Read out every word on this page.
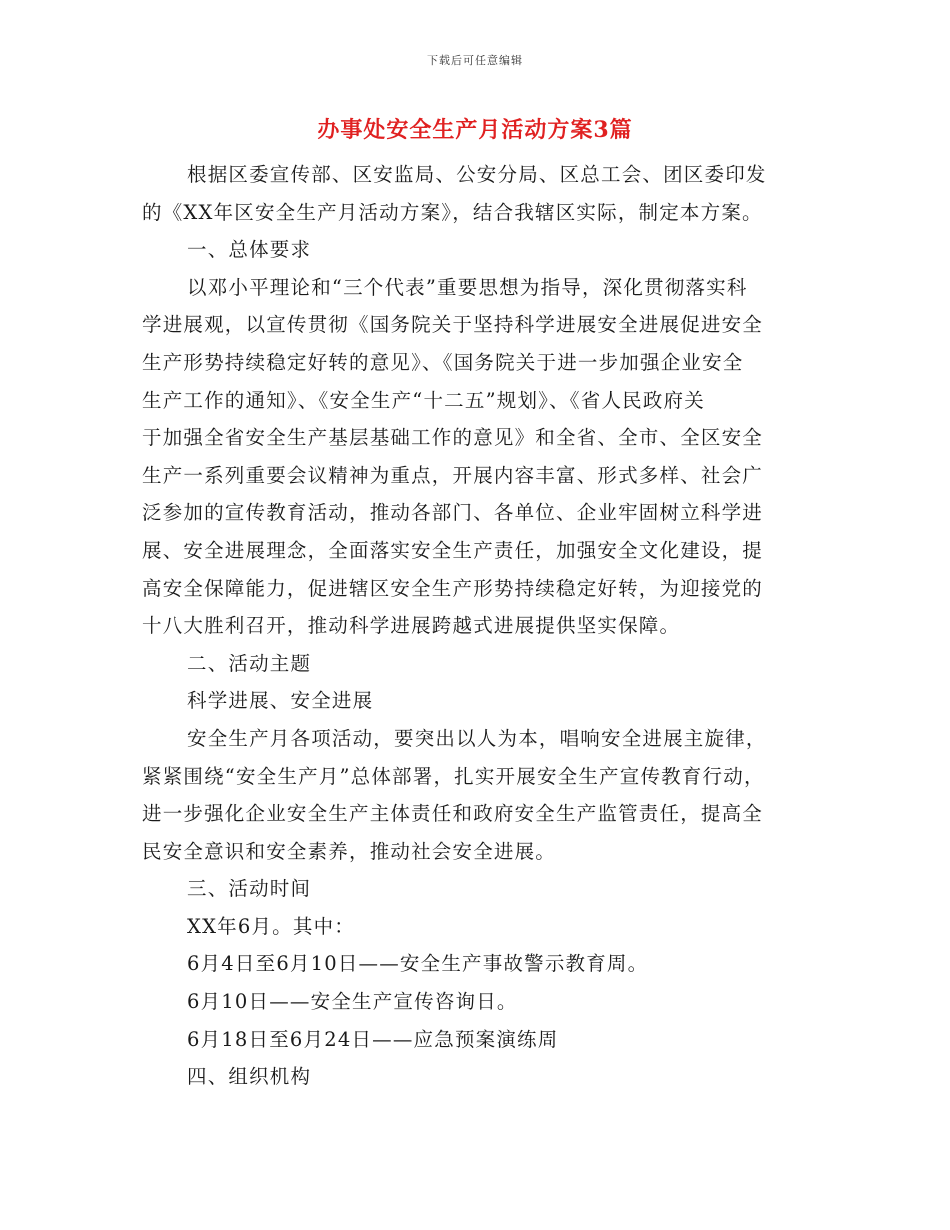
下载后可任意编辑
办事处安全生产月活动方案3篇
根据区委宣传部、区安监局、公安分局、区总工会、团区委印发
的《XX年区安全生产月活动方案》，结合我辖区实际，制定本方案。
一、总体要求
以邓小平理论和“三个代表”重要思想为指导，深化贯彻落实科
学进展观，以宣传贯彻《国务院关于坚持科学进展安全进展促进安全
生产形势持续稳定好转的意见》、《国务院关于进一步加强企业安全
生产工作的通知》、《安全生产“十二五”规划》、《省人民政府关
于加强全省安全生产基层基础工作的意见》和全省、全市、全区安全
生产一系列重要会议精神为重点，开展内容丰富、形式多样、社会广
泛参加的宣传教育活动，推动各部门、各单位、企业牢固树立科学进
展、安全进展理念，全面落实安全生产责任，加强安全文化建设，提
高安全保障能力，促进辖区安全生产形势持续稳定好转，为迎接党的
十八大胜利召开，推动科学进展跨越式进展提供坚实保障。
二、活动主题
科学进展、安全进展
安全生产月各项活动，要突出以人为本，唱响安全进展主旋律，
紧紧围绕“安全生产月”总体部署，扎实开展安全生产宣传教育行动，
进一步强化企业安全生产主体责任和政府安全生产监管责任，提高全
民安全意识和安全素养，推动社会安全进展。
三、活动时间
XX年6月。其中：
6月4日至6月10日——安全生产事故警示教育周。
6月10日——安全生产宣传咨询日。
6月18日至6月24日——应急预案演练周
四、组织机构
